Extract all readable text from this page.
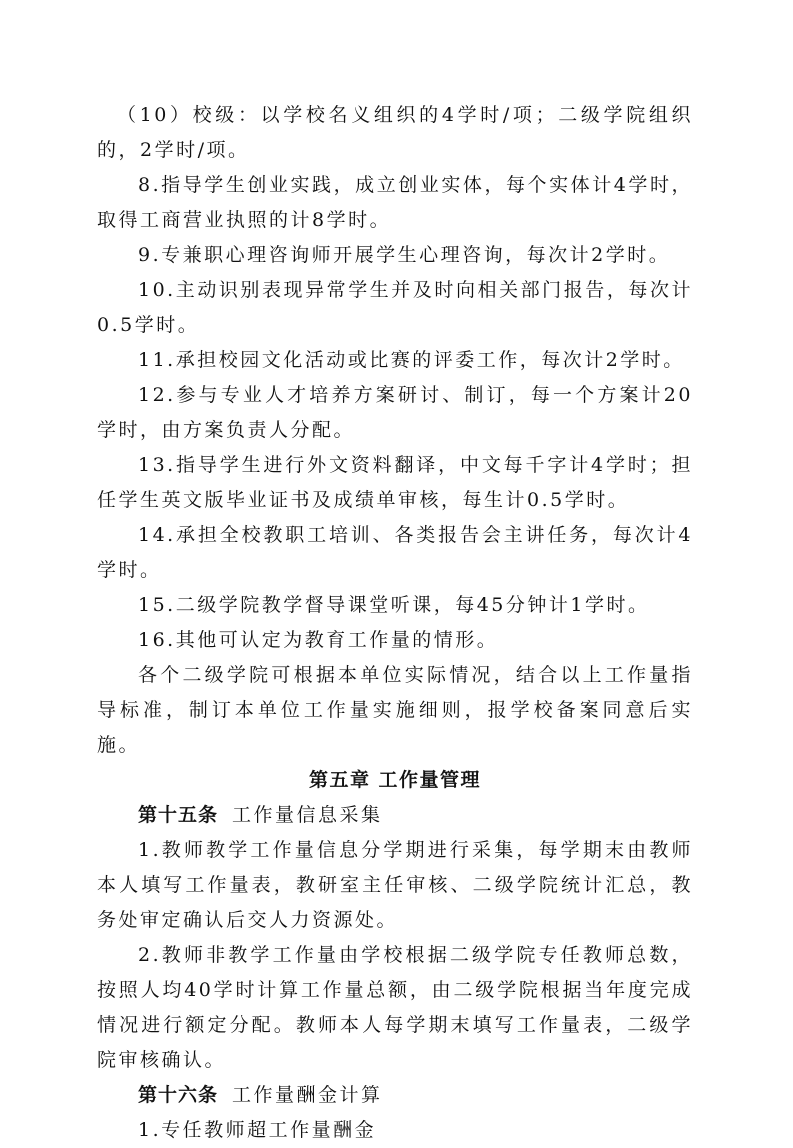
（10）校级：以学校名义组织的4学时/项；二级学院组织的，2学时/项。

8.指导学生创业实践，成立创业实体，每个实体计4学时，取得工商营业执照的计8学时。

9.专兼职心理咨询师开展学生心理咨询，每次计2学时。

10.主动识别表现异常学生并及时向相关部门报告，每次计0.5学时。

11.承担校园文化活动或比赛的评委工作，每次计2学时。

12.参与专业人才培养方案研讨、制订，每一个方案计20学时，由方案负责人分配。

13.指导学生进行外文资料翻译，中文每千字计4学时；担任学生英文版毕业证书及成绩单审核，每生计0.5学时。

14.承担全校教职工培训、各类报告会主讲任务，每次计4学时。

15.二级学院教学督导课堂听课，每45分钟计1学时。

16.其他可认定为教育工作量的情形。

各个二级学院可根据本单位实际情况，结合以上工作量指导标准，制订本单位工作量实施细则，报学校备案同意后实施。

第五章 工作量管理

第十五条 工作量信息采集

1.教师教学工作量信息分学期进行采集，每学期末由教师本人填写工作量表，教研室主任审核、二级学院统计汇总，教务处审定确认后交人力资源处。

2.教师非教学工作量由学校根据二级学院专任教师总数，按照人均40学时计算工作量总额，由二级学院根据当年度完成情况进行额定分配。教师本人每学期末填写工作量表，二级学院审核确认。

第十六条 工作量酬金计算

1.专任教师超工作量酬金
